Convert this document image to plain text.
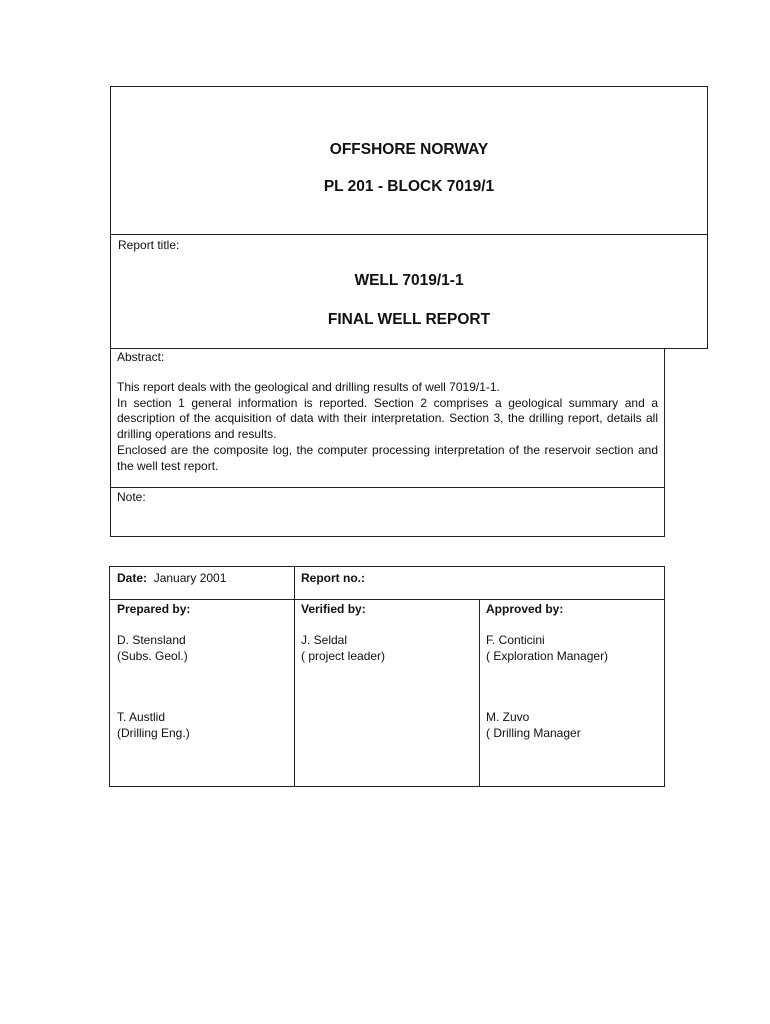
OFFSHORE NORWAY
PL 201 - BLOCK 7019/1
Report title:
WELL 7019/1-1
FINAL WELL REPORT
Abstract:

This report deals with the geological and drilling results of well 7019/1-1.

In section 1 general information is reported. Section 2 comprises a geological summary and a description of the acquisition of data with their interpretation. Section 3, the drilling report, details all drilling operations and results.

Enclosed are the composite log, the computer processing interpretation of the reservoir section and the well test report.

Note:
Date: January 2001	Report no.:
Prepared by:
D. Stensland
(Subs. Geol.)
T. Austlid
(Drilling Eng.)
Verified by:
J. Seldal
( project leader)
Approved by:
F. Conticini
( Exploration Manager)
M. Zuvo
( Drilling Manager
